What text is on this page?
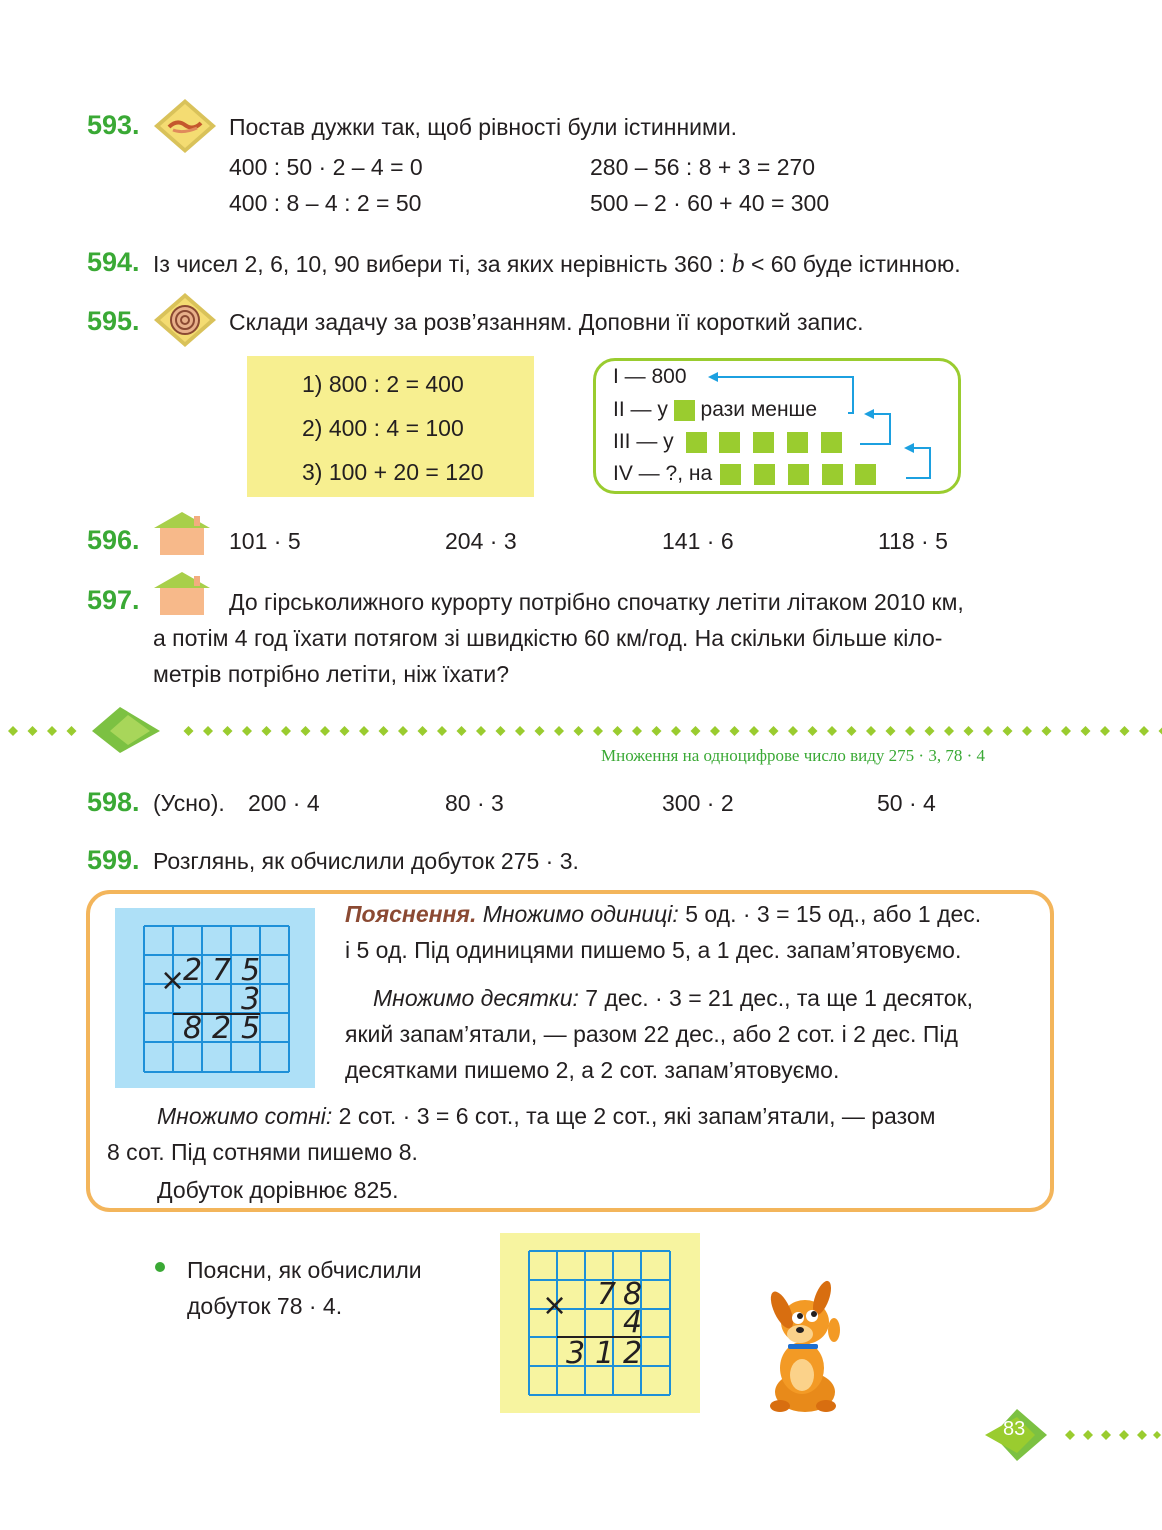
593.	Постав дужки так, щоб рівності були істинними.
400 : 50 · 2 – 4 = 0	280 – 56 : 8 + 3 = 270
400 : 8 – 4 : 2 = 50	500 – 2 · 60 + 40 = 300
594. Із чисел 2, 6, 10, 90 вибери ті, за яких нерівність 360 : b < 60 буде істинною.
595.	Склади задачу за розв’язанням. Доповни її короткий запис.
1) 800 : 2 = 400
2) 400 : 4 = 100
3) 100 + 20 = 120
I — 800
II — у рази менше
III — у
IV — ?, на
596.	101 · 5	204 · 3	141 · 6	118 · 5
597.	До гірськолижного курорту потрібно спочатку летіти літаком 2010 км,
а потім 4 год їхати потягом зі швидкістю 60 км/год. На скільки більше кіло-
метрів потрібно летіти, ніж їхати?
Множення на одноцифрове число виду 275 · 3, 78 · 4
598. (Усно). 200 · 4	80 · 3	300 · 2	50 · 4
599. Розглянь, як обчислили добуток 275 · 3.
×
2 7 5
3
8 2 5
Пояснення. Множимо одиниці: 5 од. · 3 = 15 од., або 1 дес.
і 5 од. Під одиницями пишемо 5, а 1 дес. запам’ятовуємо.
Множимо десятки: 7 дес. · 3 = 21 дес., та ще 1 десяток,
який запам’ятали, — разом 22 дес., або 2 сот. і 2 дес. Під
десятками пишемо 2, а 2 сот. запам’ятовуємо.
Множимо сотні: 2 сот. · 3 = 6 сот., та ще 2 сот., які запам’ятали, — разом
8 сот. Під сотнями пишемо 8.
Добуток дорівнює 825.
Поясни, як обчислили
добуток 78 · 4.	× 7 8
4
3 1 2
83
